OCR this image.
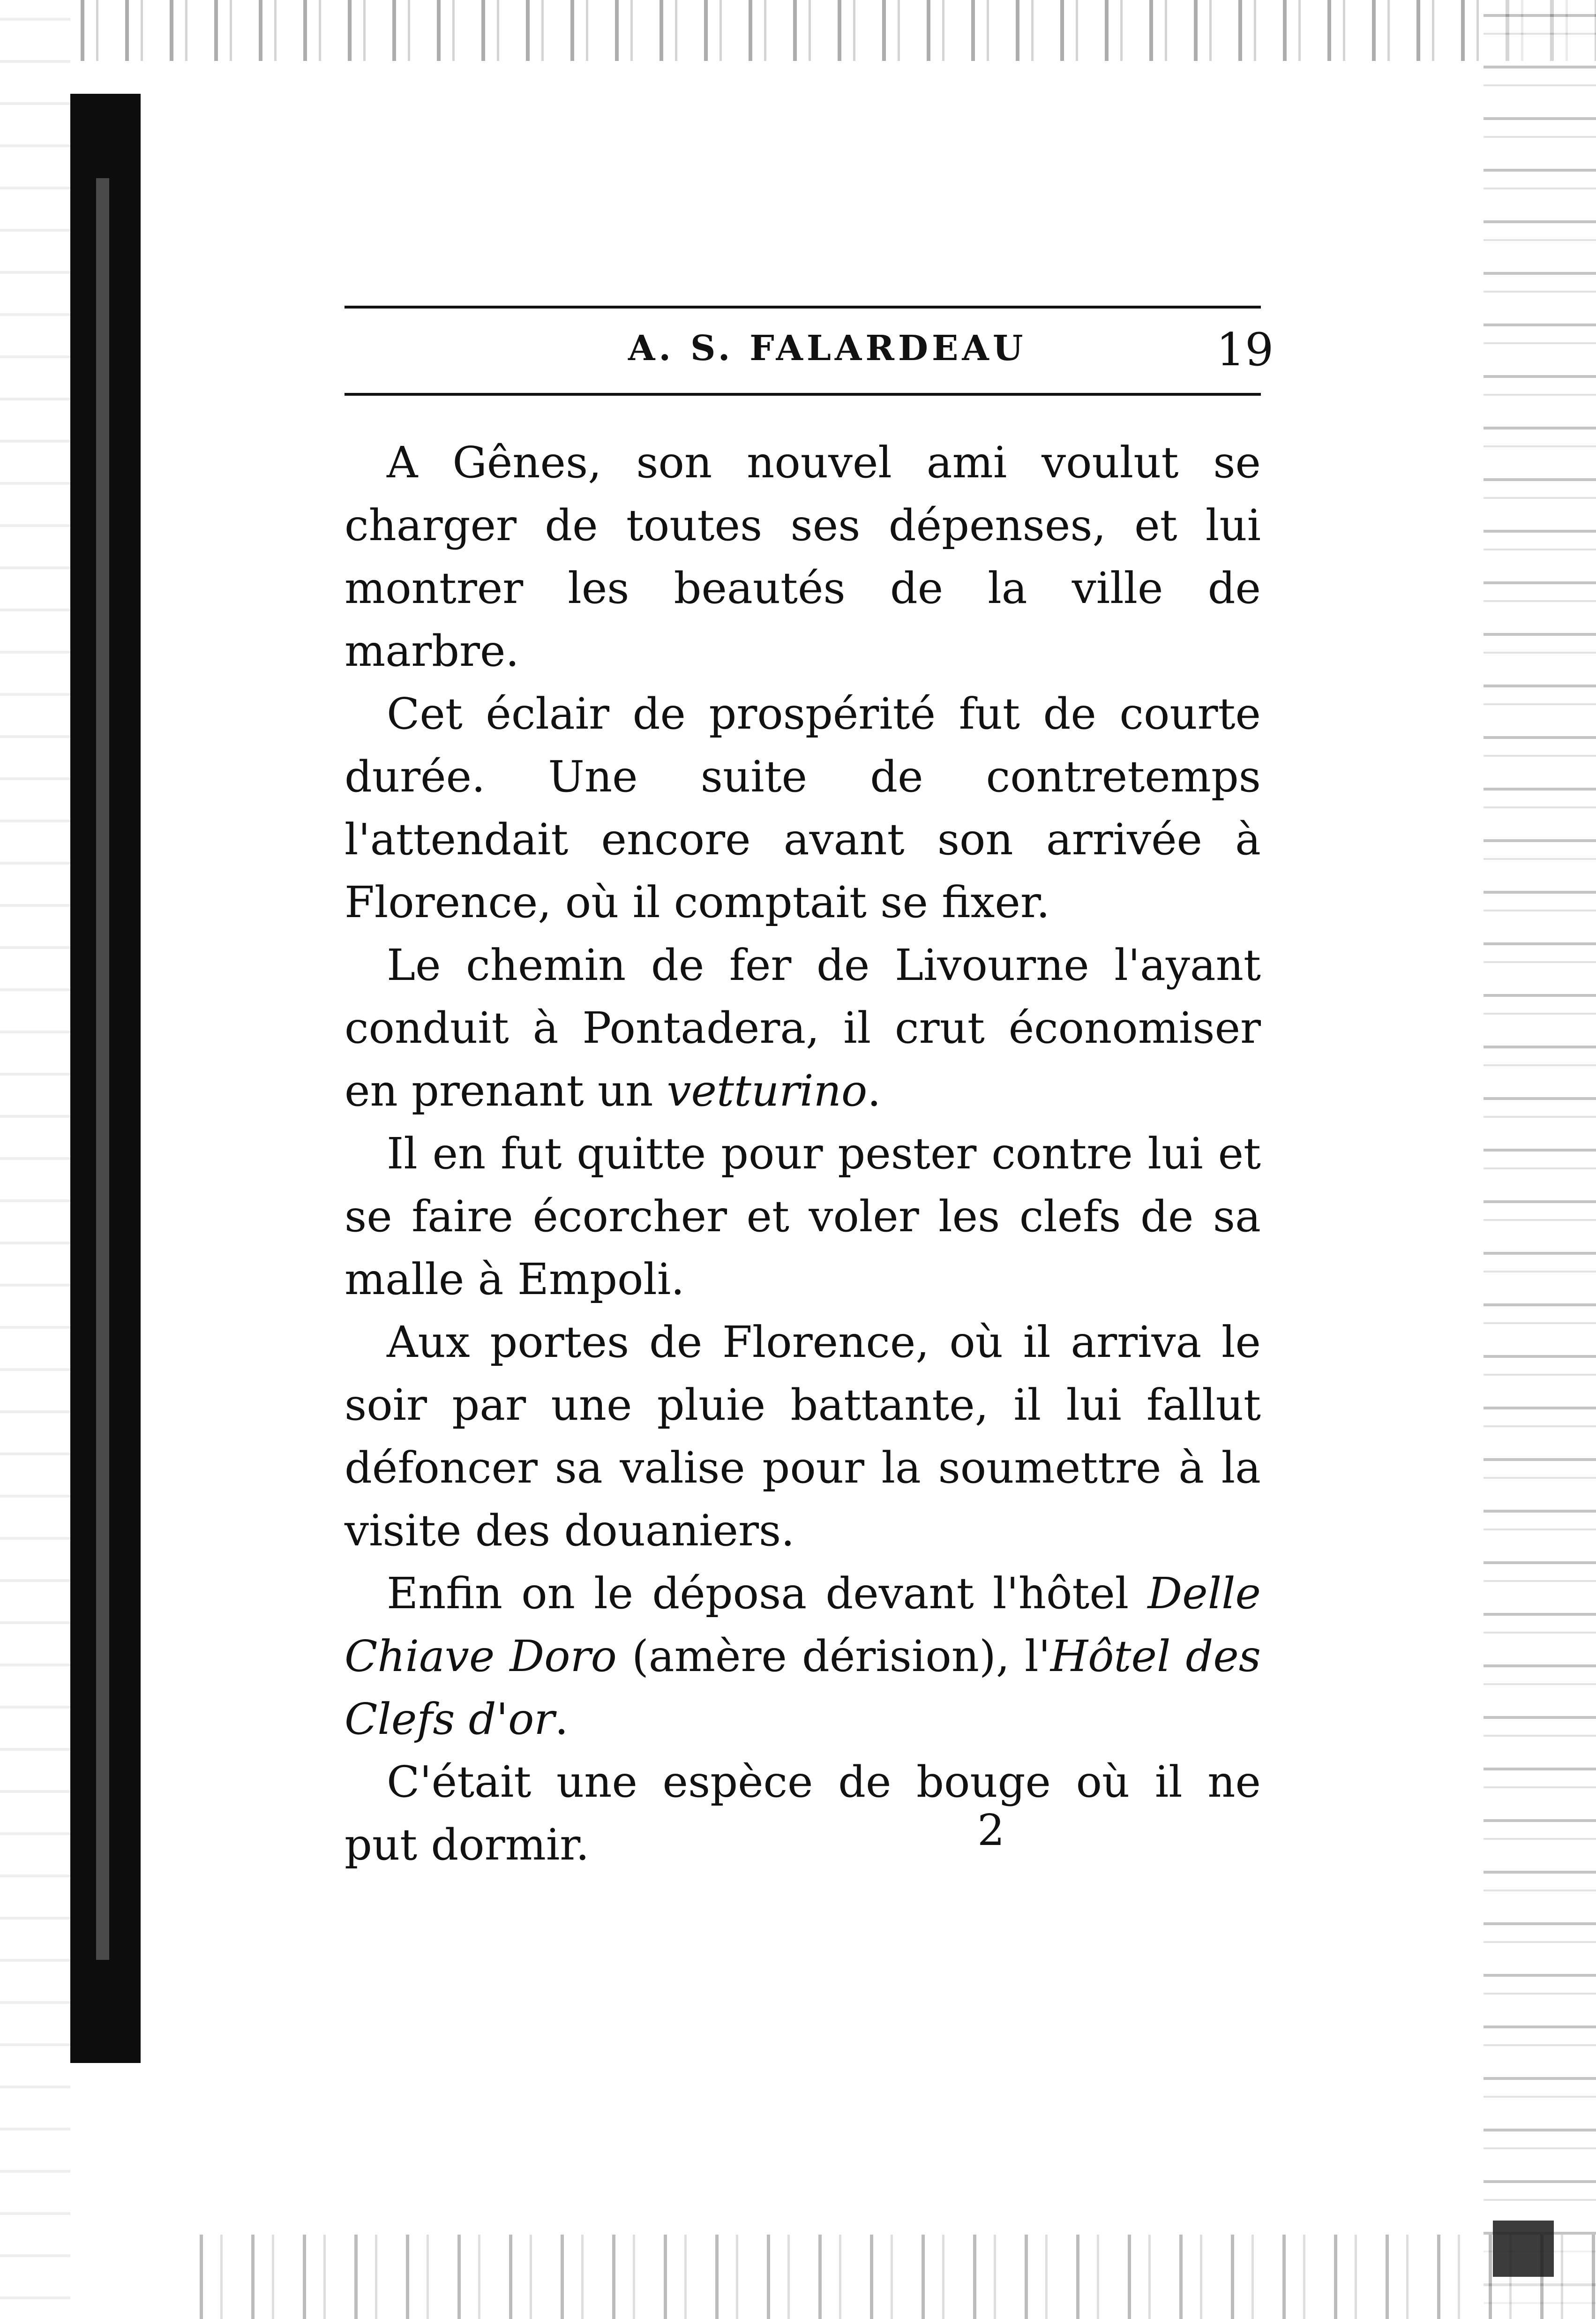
A. S. FALARDEAU	19

A Gênes, son nouvel ami voulut se charger de toutes ses dépenses, et lui montrer les beautés de la ville de marbre.

Cet éclair de prospérité fut de courte durée. Une suite de contretemps l'attendait encore avant son arrivée à Florence, où il comptait se fixer.

Le chemin de fer de Livourne l'ayant conduit à Pontadera, il crut économiser en prenant un vetturino.

Il en fut quitte pour pester contre lui et se faire écorcher et voler les clefs de sa malle à Empoli.

Aux portes de Florence, où il arriva le soir par une pluie battante, il lui fallut défoncer sa valise pour la soumettre à la visite des douaniers.

Enfin on le déposa devant l'hôtel Delle Chiave Doro (amère dérision), l'Hôtel des Clefs d'or.

C'était une espèce de bouge où il ne put dormir.	2
